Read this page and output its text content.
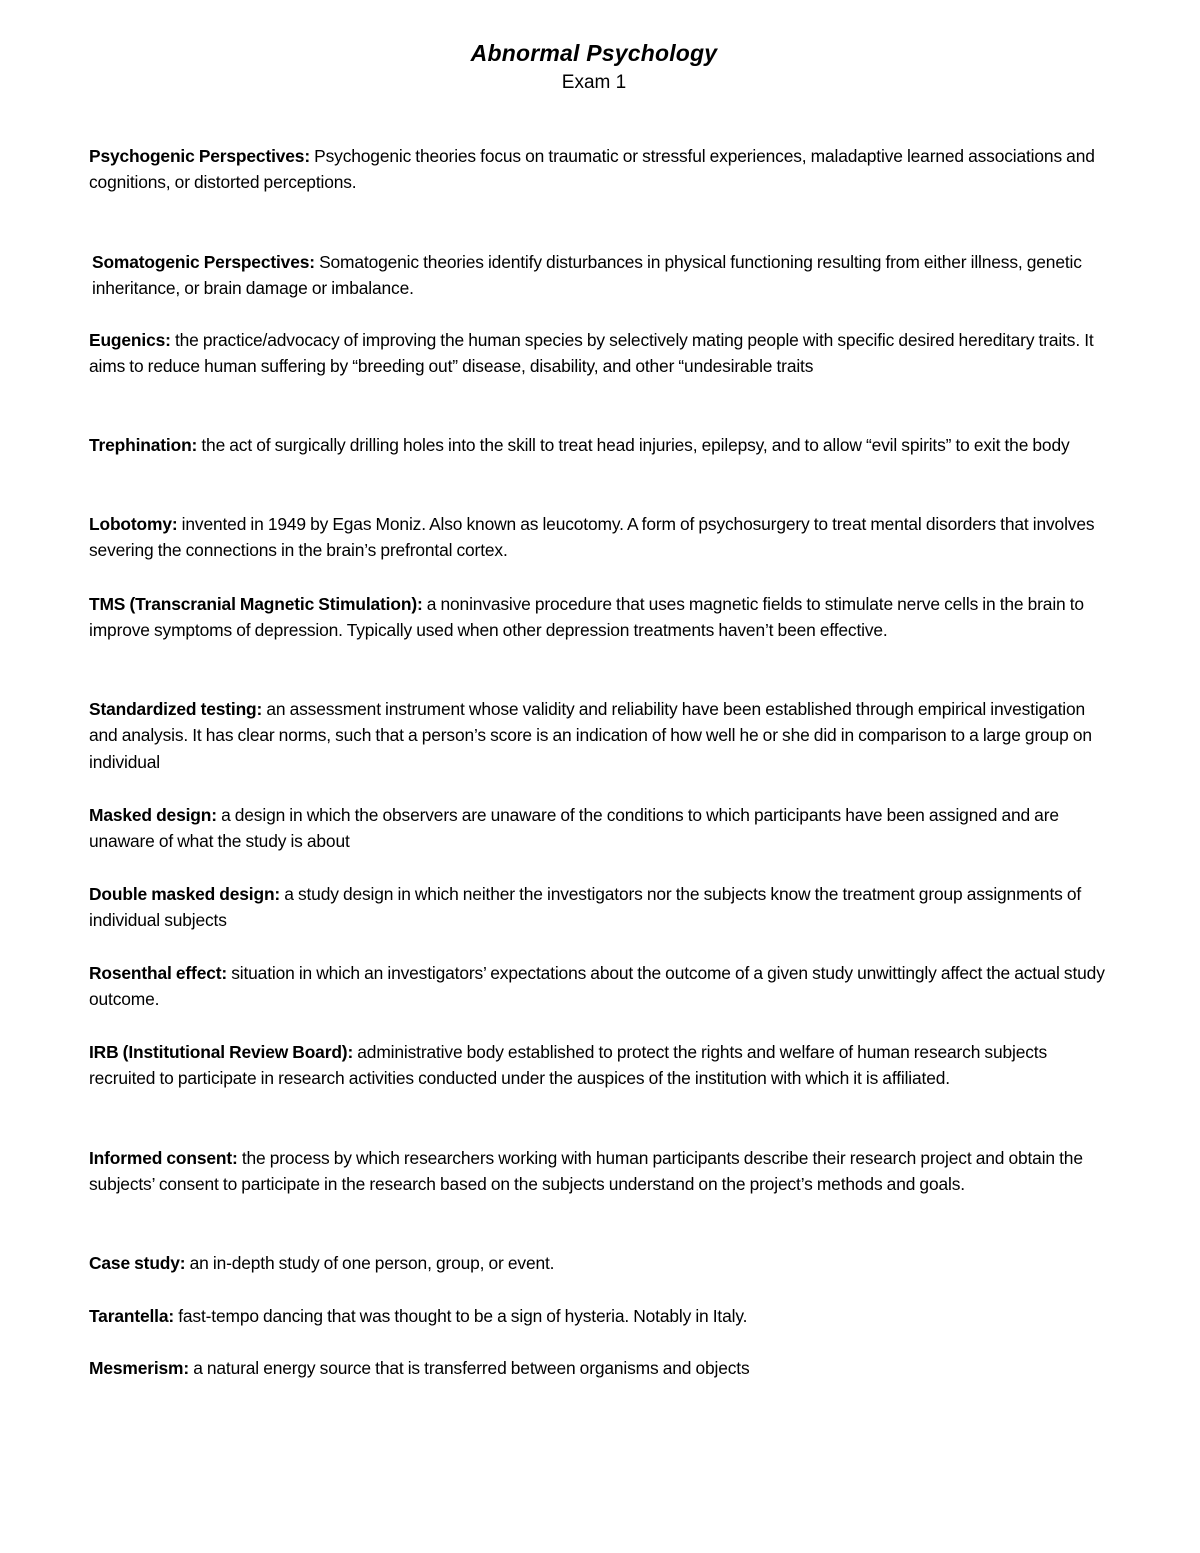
Abnormal Psychology
Exam 1

Psychogenic Perspectives: Psychogenic theories focus on traumatic or stressful experiences, maladaptive learned associations and cognitions, or distorted perceptions.

Somatogenic Perspectives: Somatogenic theories identify disturbances in physical functioning resulting from either illness, genetic inheritance, or brain damage or imbalance.

Eugenics: the practice/advocacy of improving the human species by selectively mating people with specific desired hereditary traits. It aims to reduce human suffering by “breeding out” disease, disability, and other “undesirable traits

Trephination: the act of surgically drilling holes into the skill to treat head injuries, epilepsy, and to allow “evil spirits” to exit the body

Lobotomy: invented in 1949 by Egas Moniz. Also known as leucotomy. A form of psychosurgery to treat mental disorders that involves severing the connections in the brain’s prefrontal cortex.

TMS (Transcranial Magnetic Stimulation): a noninvasive procedure that uses magnetic fields to stimulate nerve cells in the brain to improve symptoms of depression. Typically used when other depression treatments haven’t been effective.

Standardized testing: an assessment instrument whose validity and reliability have been established through empirical investigation and analysis. It has clear norms, such that a person’s score is an indication of how well he or she did in comparison to a large group on individual

Masked design: a design in which the observers are unaware of the conditions to which participants have been assigned and are unaware of what the study is about

Double masked design: a study design in which neither the investigators nor the subjects know the treatment group assignments of individual subjects

Rosenthal effect: situation in which an investigators’ expectations about the outcome of a given study unwittingly affect the actual study outcome.

IRB (Institutional Review Board): administrative body established to protect the rights and welfare of human research subjects recruited to participate in research activities conducted under the auspices of the institution with which it is affiliated.

Informed consent: the process by which researchers working with human participants describe their research project and obtain the subjects’ consent to participate in the research based on the subjects understand on the project’s methods and goals.

Case study: an in-depth study of one person, group, or event.

Tarantella: fast-tempo dancing that was thought to be a sign of hysteria. Notably in Italy.

Mesmerism: a natural energy source that is transferred between organisms and objects
